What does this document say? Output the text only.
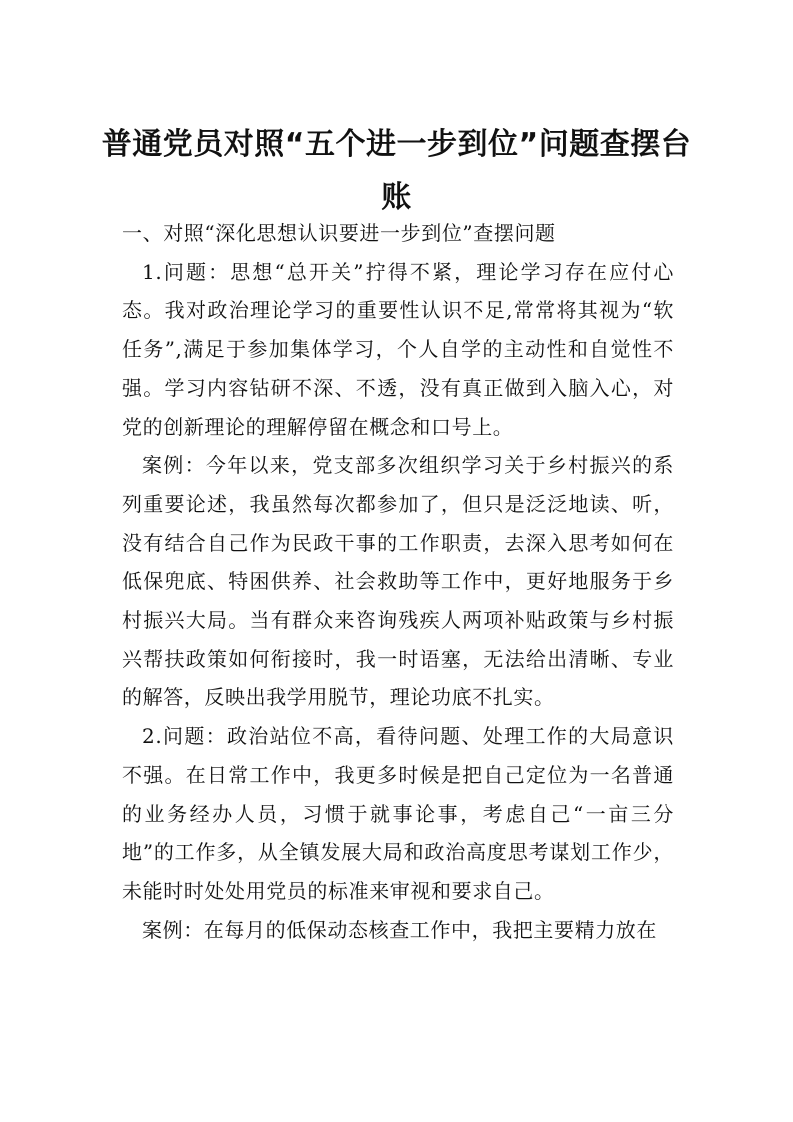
普通党员对照“五个进一步到位”问题查摆台账

一、对照“深化思想认识要进一步到位”查摆问题

1.问题：思想“总开关”拧得不紧，理论学习存在应付心态。我对政治理论学习的重要性认识不足,常常将其视为“软任务”,满足于参加集体学习，个人自学的主动性和自觉性不强。学习内容钻研不深、不透，没有真正做到入脑入心，对党的创新理论的理解停留在概念和口号上。

案例：今年以来，党支部多次组织学习关于乡村振兴的系列重要论述，我虽然每次都参加了，但只是泛泛地读、听，没有结合自己作为民政干事的工作职责，去深入思考如何在低保兜底、特困供养、社会救助等工作中，更好地服务于乡村振兴大局。当有群众来咨询残疾人两项补贴政策与乡村振兴帮扶政策如何衔接时，我一时语塞，无法给出清晰、专业的解答，反映出我学用脱节，理论功底不扎实。

2.问题：政治站位不高，看待问题、处理工作的大局意识不强。在日常工作中，我更多时候是把自己定位为一名普通的业务经办人员，习惯于就事论事，考虑自己“一亩三分地”的工作多，从全镇发展大局和政治高度思考谋划工作少，未能时时处处用党员的标准来审视和要求自己。

案例：在每月的低保动态核查工作中，我把主要精力放在
